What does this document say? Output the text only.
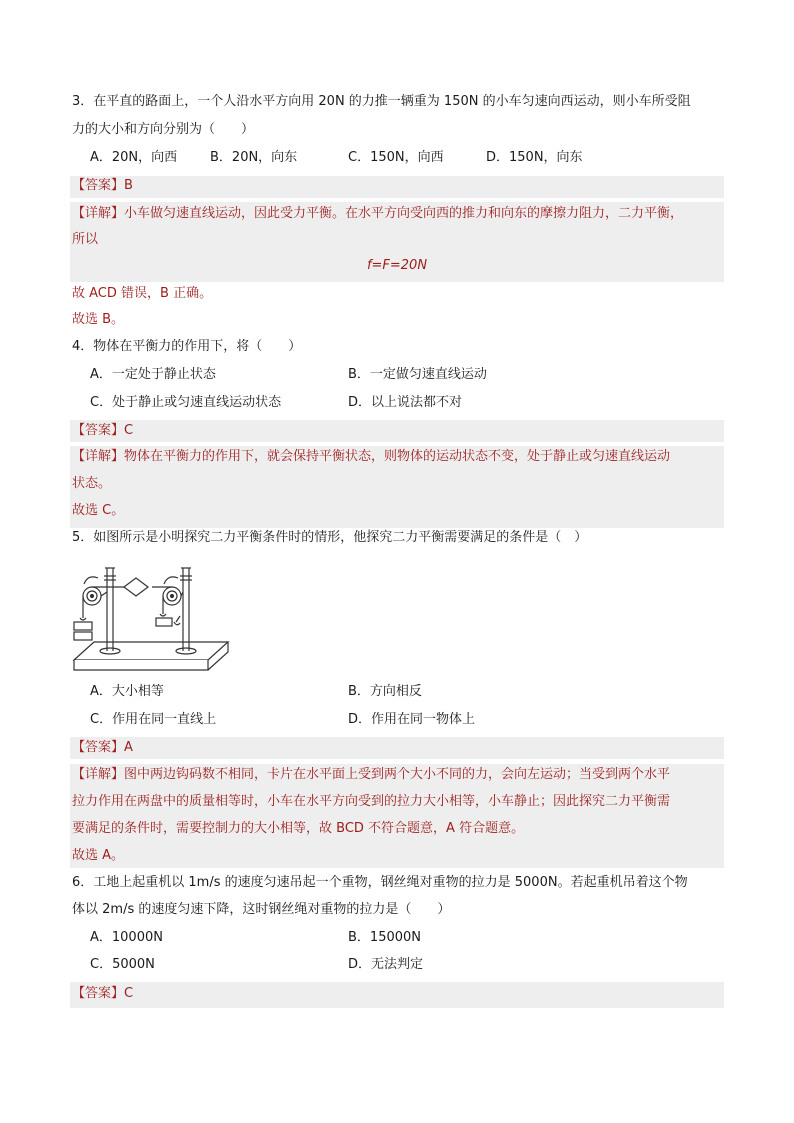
3．在平直的路面上，一个人沿水平方向用 20N 的力推一辆重为 150N 的小车匀速向西运动，则小车所受阻
力的大小和方向分别为（　　）
A．20N，向西	B．20N，向东	C．150N，向西	D．150N，向东
【答案】B
【详解】小车做匀速直线运动，因此受力平衡。在水平方向受向西的推力和向东的摩擦力阻力，二力平衡，
所以
f=F=20N
故 ACD 错误，B 正确。
故选 B。
4．物体在平衡力的作用下，将（　　）
A．一定处于静止状态	B．一定做匀速直线运动
C．处于静止或匀速直线运动状态	D．以上说法都不对
【答案】C
【详解】物体在平衡力的作用下，就会保持平衡状态，则物体的运动状态不变，处于静止或匀速直线运动
状态。
故选 C。
5．如图所示是小明探究二力平衡条件时的情形，他探究二力平衡需要满足的条件是（　）
A．大小相等	B．方向相反
C．作用在同一直线上	D．作用在同一物体上
【答案】A
【详解】图中两边钩码数不相同，卡片在水平面上受到两个大小不同的力，会向左运动；当受到两个水平
拉力作用在两盘中的质量相等时，小车在水平方向受到的拉力大小相等，小车静止；因此探究二力平衡需
要满足的条件时，需要控制力的大小相等，故 BCD 不符合题意，A 符合题意。
故选 A。
6．工地上起重机以 1m/s 的速度匀速吊起一个重物，钢丝绳对重物的拉力是 5000N。若起重机吊着这个物
体以 2m/s 的速度匀速下降，这时钢丝绳对重物的拉力是（　　）
A．10000N	B．15000N
C．5000N	D．无法判定
【答案】C
